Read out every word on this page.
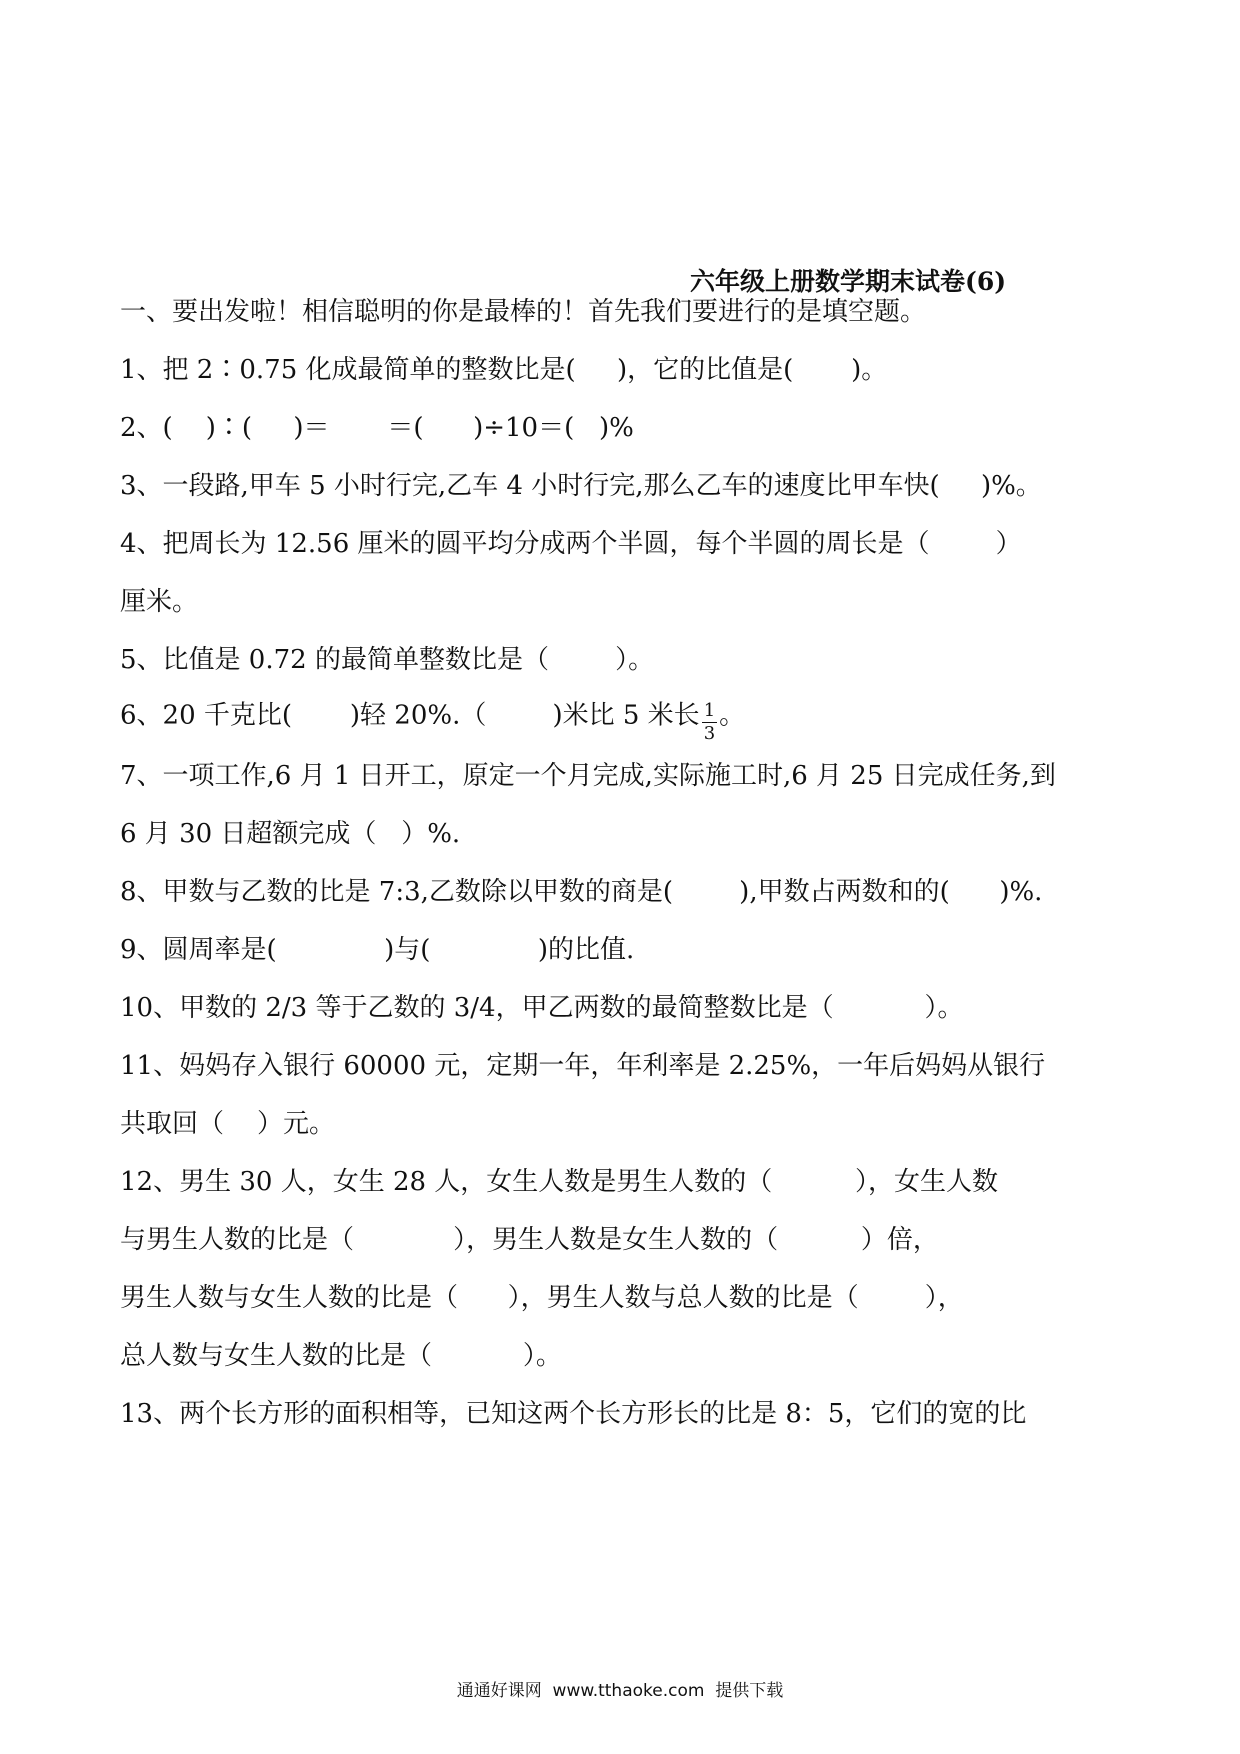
六年级上册数学期末试卷(6)
一、要出发啦！相信聪明的你是最棒的！首先我们要进行的是填空题。
1、把 2∶0.75 化成最简单的整数比是(     )，它的比值是(       )。
2、(    )∶(     )＝       ＝(      )÷10＝(   )%
3、一段路,甲车 5 小时行完,乙车 4 小时行完,那么乙车的速度比甲车快(     )%。
4、把周长为 12.56 厘米的圆平均分成两个半圆，每个半圆的周长是（        ）
厘米。
5、比值是 0.72 的最简单整数比是（        ）。
6、20 千克比(       )轻 20%.（        )米比 5 米长 $\frac{1}{3}$ 。
7、一项工作,6 月 1 日开工，原定一个月完成,实际施工时,6 月 25 日完成任务,到
6 月 30 日超额完成（   ）%.
8、甲数与乙数的比是 7:3,乙数除以甲数的商是(        ),甲数占两数和的(      )%.
9、圆周率是(             )与(             )的比值.
10、甲数的 2/3 等于乙数的 3/4，甲乙两数的最简整数比是（           ）。
11、妈妈存入银行 60000 元，定期一年，年利率是 2.25%，一年后妈妈从银行
共取回（    ）元。
12、男生 30 人，女生 28 人，女生人数是男生人数的（          ），女生人数
与男生人数的比是（            ），男生人数是女生人数的（          ）倍，
男生人数与女生人数的比是（      ），男生人数与总人数的比是（        ），
总人数与女生人数的比是（           ）。
13、两个长方形的面积相等，已知这两个长方形长的比是 8：5，它们的宽的比
通通好课网  www.tthaoke.com  提供下载
